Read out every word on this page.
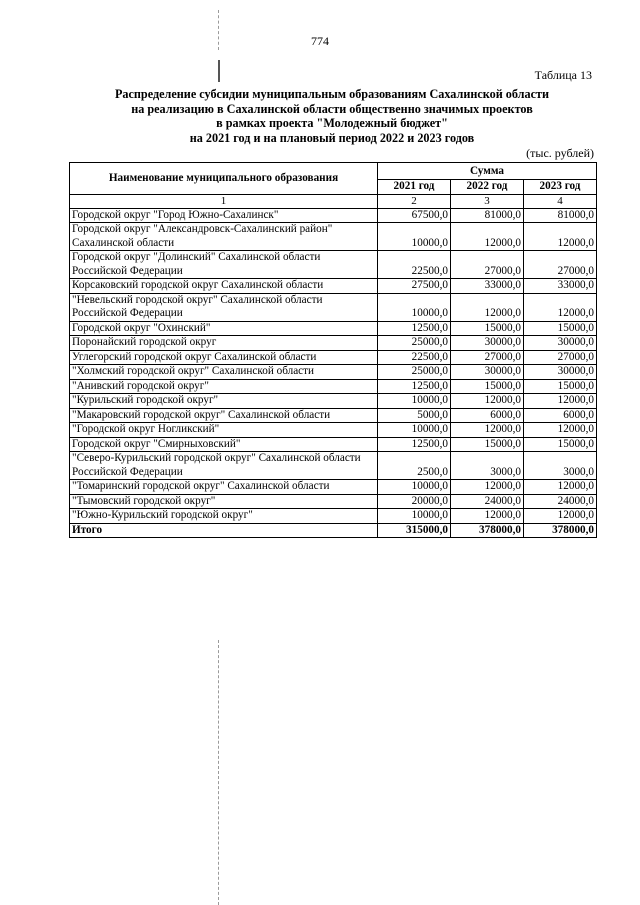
774
Таблица 13
Распределение субсидии муниципальным образованиям Сахалинской области
на реализацию в Сахалинской области общественно значимых проектов
в рамках проекта "Молодежный бюджет"
на 2021 год и на плановый период 2022 и 2023 годов
(тыс. рублей)
Наименование муниципального образования	Сумма		
	2021 год	2022 год	2023 год
1	2	3	4
Городской округ "Город Южно-Сахалинск"	67500,0	81000,0	81000,0
Городской округ "Александровск-Сахалинский район" Сахалинской области	10000,0	12000,0	12000,0
Городской округ "Долинский" Сахалинской области Российской Федерации	22500,0	27000,0	27000,0
Корсаковский городской округ Сахалинской области	27500,0	33000,0	33000,0
"Невельский городской округ" Сахалинской области Российской Федерации	10000,0	12000,0	12000,0
Городской округ "Охинский"	12500,0	15000,0	15000,0
Поронайский городской округ	25000,0	30000,0	30000,0
Углегорский городской округ Сахалинской области	22500,0	27000,0	27000,0
"Холмский городской округ" Сахалинской области	25000,0	30000,0	30000,0
"Анивский городской округ"	12500,0	15000,0	15000,0
"Курильский городской округ"	10000,0	12000,0	12000,0
"Макаровский городской округ" Сахалинской области	5000,0	6000,0	6000,0
"Городской округ Ногликский"	10000,0	12000,0	12000,0
Городской округ "Смирныховский"	12500,0	15000,0	15000,0
"Северо-Курильский городской округ" Сахалинской области Российской Федерации	2500,0	3000,0	3000,0
"Томаринский городской округ" Сахалинской области	10000,0	12000,0	12000,0
"Тымовский городской округ"	20000,0	24000,0	24000,0
"Южно-Курильский городской округ"	10000,0	12000,0	12000,0
Итого	315000,0	378000,0	378000,0
